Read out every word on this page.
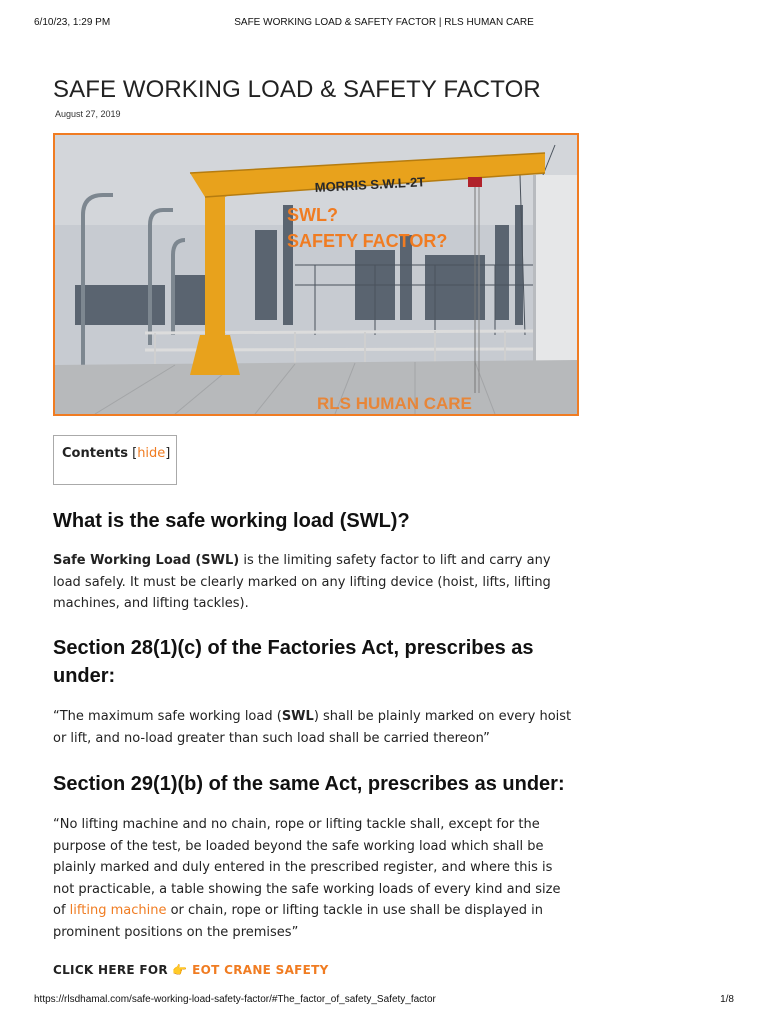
6/10/23, 1:29 PM	SAFE WORKING LOAD & SAFETY FACTOR | RLS HUMAN CARE
SAFE WORKING LOAD & SAFETY FACTOR
August 27, 2019
MORRIS S.W.L-2T
SWL?
SAFETY FACTOR?
RLS HUMAN CARE
Contents [hide]
What is the safe working load (SWL)?

Safe Working Load (SWL) is the limiting safety factor to lift and carry any load safely. It must be clearly marked on any lifting device (hoist, lifts, lifting machines, and lifting tackles).

Section 28(1)(c) of the Factories Act, prescribes as under:

“The maximum safe working load (SWL) shall be plainly marked on every hoist or lift, and no-load greater than such load shall be carried thereon”

Section 29(1)(b) of the same Act, prescribes as under:

“No lifting machine and no chain, rope or lifting tackle shall, except for the purpose of the test, be loaded beyond the safe working load which shall be plainly marked and duly entered in the prescribed register, and where this is not practicable, a table showing the safe working loads of every kind and size of lifting machine or chain, rope or lifting tackle in use shall be displayed in prominent positions on the premises”

CLICK HERE FOR 👉 EOT CRANE SAFETY
https://rlsdhamal.com/safe-working-load-safety-factor/#The_factor_of_safety_Safety_factor	1/8
